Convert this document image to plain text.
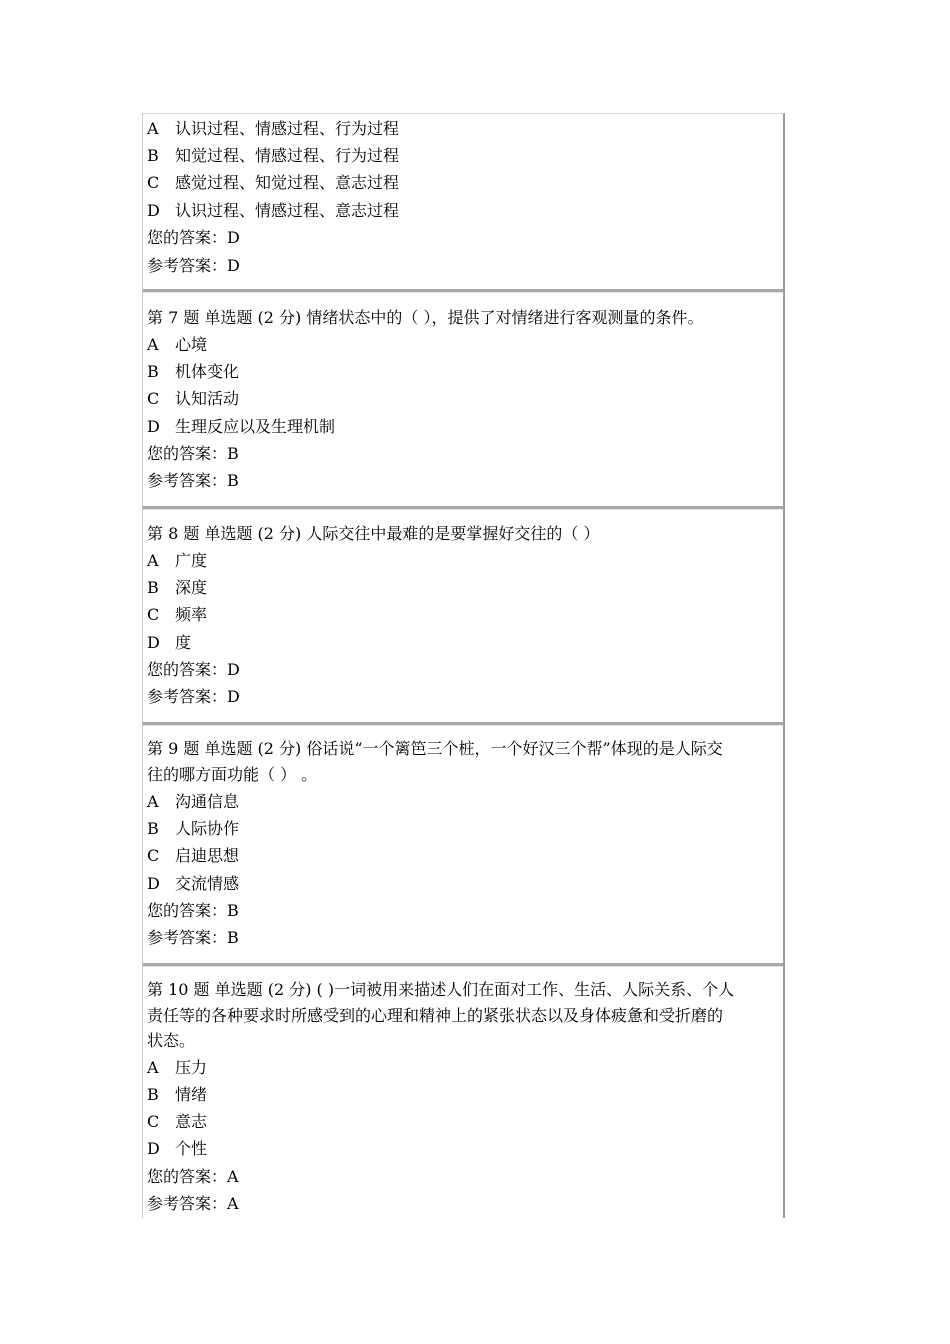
A 认识过程、情感过程、行为过程
B 知觉过程、情感过程、行为过程
C 感觉过程、知觉过程、意志过程
D 认识过程、情感过程、意志过程
您的答案：D
参考答案：D
第 7 题 单选题 (2 分) 情绪状态中的（ ），提供了对情绪进行客观测量的条件。
A 心境
B 机体变化
C 认知活动
D 生理反应以及生理机制
您的答案：B
参考答案：B
第 8 题 单选题 (2 分) 人际交往中最难的是要掌握好交往的（ ）
A 广度
B 深度
C 频率
D 度
您的答案：D
参考答案：D
第 9 题 单选题 (2 分) 俗话说“一个篱笆三个桩，一个好汉三个帮”体现的是人际交
往的哪方面功能（ ） 。
A 沟通信息
B 人际协作
C 启迪思想
D 交流情感
您的答案：B
参考答案：B
第 10 题 单选题 (2 分) ( )一词被用来描述人们在面对工作、生活、人际关系、个人
责任等的各种要求时所感受到的心理和精神上的紧张状态以及身体疲惫和受折磨的
状态。
A 压力
B 情绪
C 意志
D 个性
您的答案：A
参考答案：A
